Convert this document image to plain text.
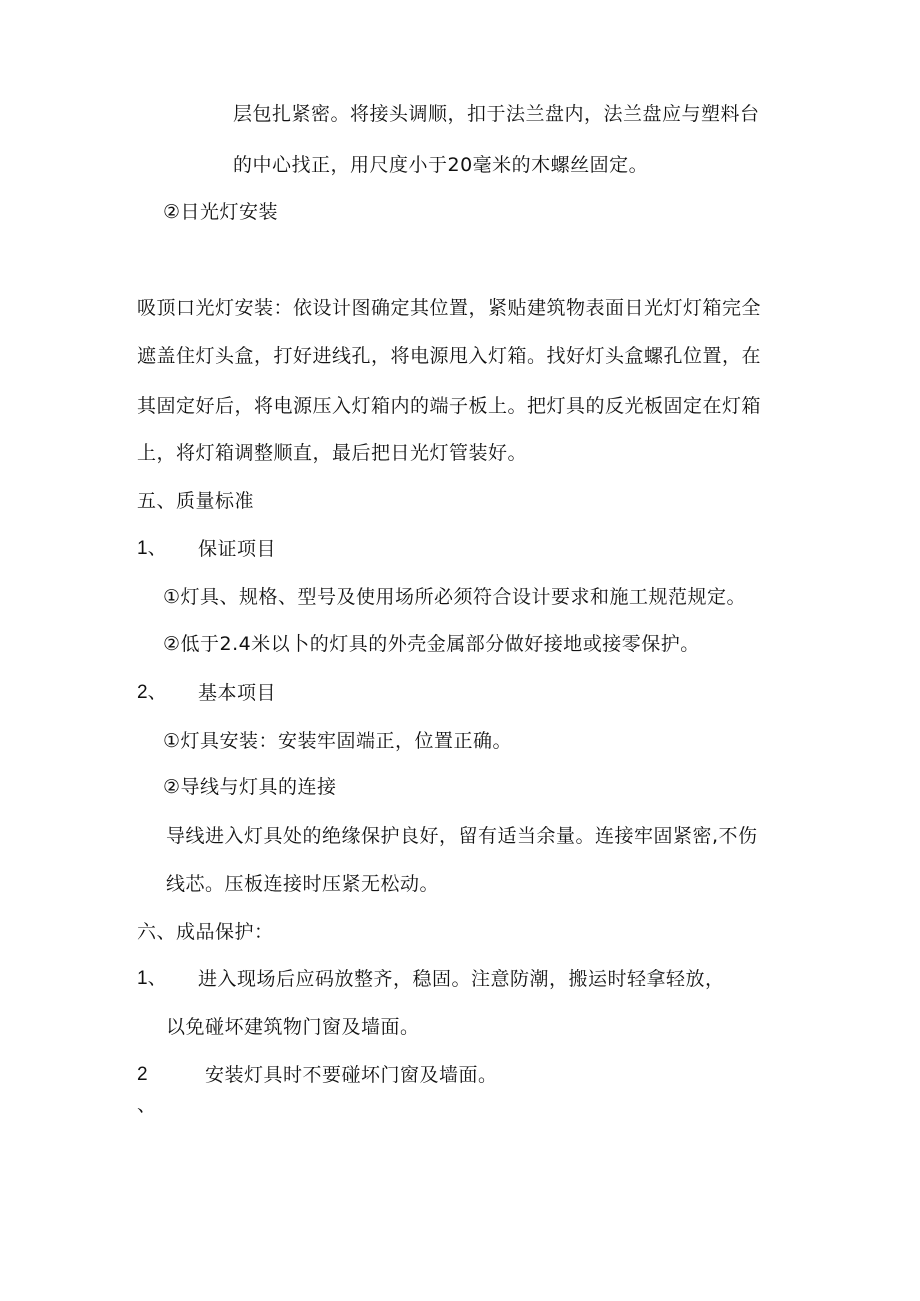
层包扎紧密。将接头调顺，扣于法兰盘内，法兰盘应与塑料台
的中心找正，用尺度小于20毫米的木螺丝固定。
②日光灯安装
吸顶口光灯安装：依设计图确定其位置，紧贴建筑物表面日光灯灯箱完全
遮盖住灯头盒，打好进线孔，将电源甩入灯箱。找好灯头盒螺孔位置，在
其固定好后，将电源压入灯箱内的端子板上。把灯具的反光板固定在灯箱
上，将灯箱调整顺直，最后把日光灯管装好。
五、质量标准
1、 保证项目
①灯具、规格、型号及使用场所必须符合设计要求和施工规范规定。
②低于2.4米以卜的灯具的外壳金属部分做好接地或接零保护。
2、 基本项目
①灯具安装：安装牢固端正，位置正确。
②导线与灯具的连接
导线进入灯具处的绝缘保护良好，留有适当余量。连接牢固紧密,不伤
线芯。压板连接时压紧无松动。
六、成品保护：
1、 进入现场后应码放整齐，稳固。注意防潮，搬运时轻拿轻放，
以免碰坏建筑物门窗及墙面。
2	安装灯具时不要碰坏门窗及墙面。
、
